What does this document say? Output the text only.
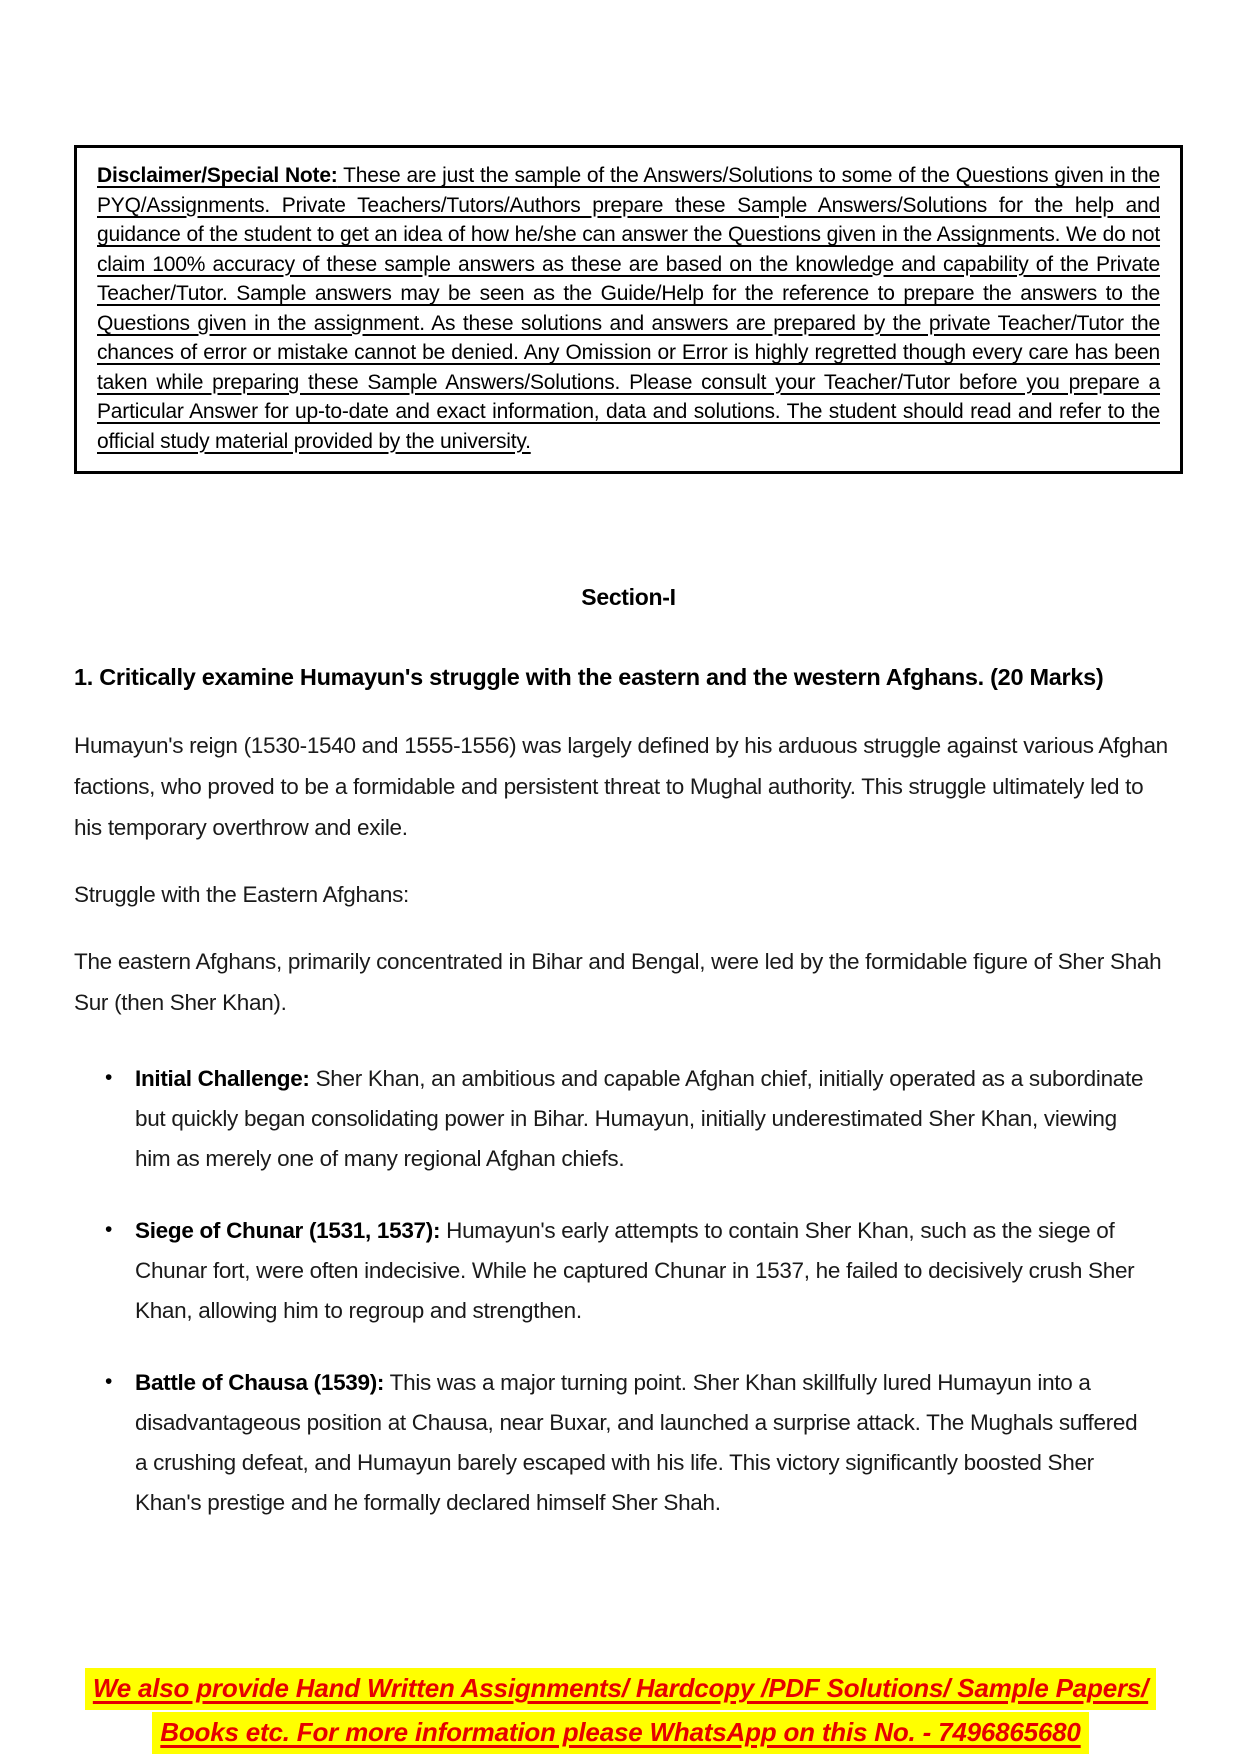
Disclaimer/Special Note: These are just the sample of the Answers/Solutions to some of the Questions given in the PYQ/Assignments. Private Teachers/Tutors/Authors prepare these Sample Answers/Solutions for the help and guidance of the student to get an idea of how he/she can answer the Questions given in the Assignments. We do not claim 100% accuracy of these sample answers as these are based on the knowledge and capability of the Private Teacher/Tutor. Sample answers may be seen as the Guide/Help for the reference to prepare the answers to the Questions given in the assignment. As these solutions and answers are prepared by the private Teacher/Tutor the chances of error or mistake cannot be denied. Any Omission or Error is highly regretted though every care has been taken while preparing these Sample Answers/Solutions. Please consult your Teacher/Tutor before you prepare a Particular Answer for up-to-date and exact information, data and solutions. The student should read and refer to the official study material provided by the university.

Section-I
1. Critically examine Humayun's struggle with the eastern and the western Afghans. (20 Marks)

Humayun's reign (1530-1540 and 1555-1556) was largely defined by his arduous struggle against various Afghan factions, who proved to be a formidable and persistent threat to Mughal authority. This struggle ultimately led to his temporary overthrow and exile.

Struggle with the Eastern Afghans:

The eastern Afghans, primarily concentrated in Bihar and Bengal, were led by the formidable figure of Sher Shah Sur (then Sher Khan).

• Initial Challenge: Sher Khan, an ambitious and capable Afghan chief, initially operated as a subordinate but quickly began consolidating power in Bihar. Humayun, initially underestimated Sher Khan, viewing him as merely one of many regional Afghan chiefs.
• Siege of Chunar (1531, 1537): Humayun's early attempts to contain Sher Khan, such as the siege of Chunar fort, were often indecisive. While he captured Chunar in 1537, he failed to decisively crush Sher Khan, allowing him to regroup and strengthen.
• Battle of Chausa (1539): This was a major turning point. Sher Khan skillfully lured Humayun into a disadvantageous position at Chausa, near Buxar, and launched a surprise attack. The Mughals suffered a crushing defeat, and Humayun barely escaped with his life. This victory significantly boosted Sher Khan's prestige and he formally declared himself Sher Shah.
We also provide Hand Written Assignments/ Hardcopy /PDF Solutions/ Sample Papers/
Books etc. For more information please WhatsApp on this No. - 7496865680
